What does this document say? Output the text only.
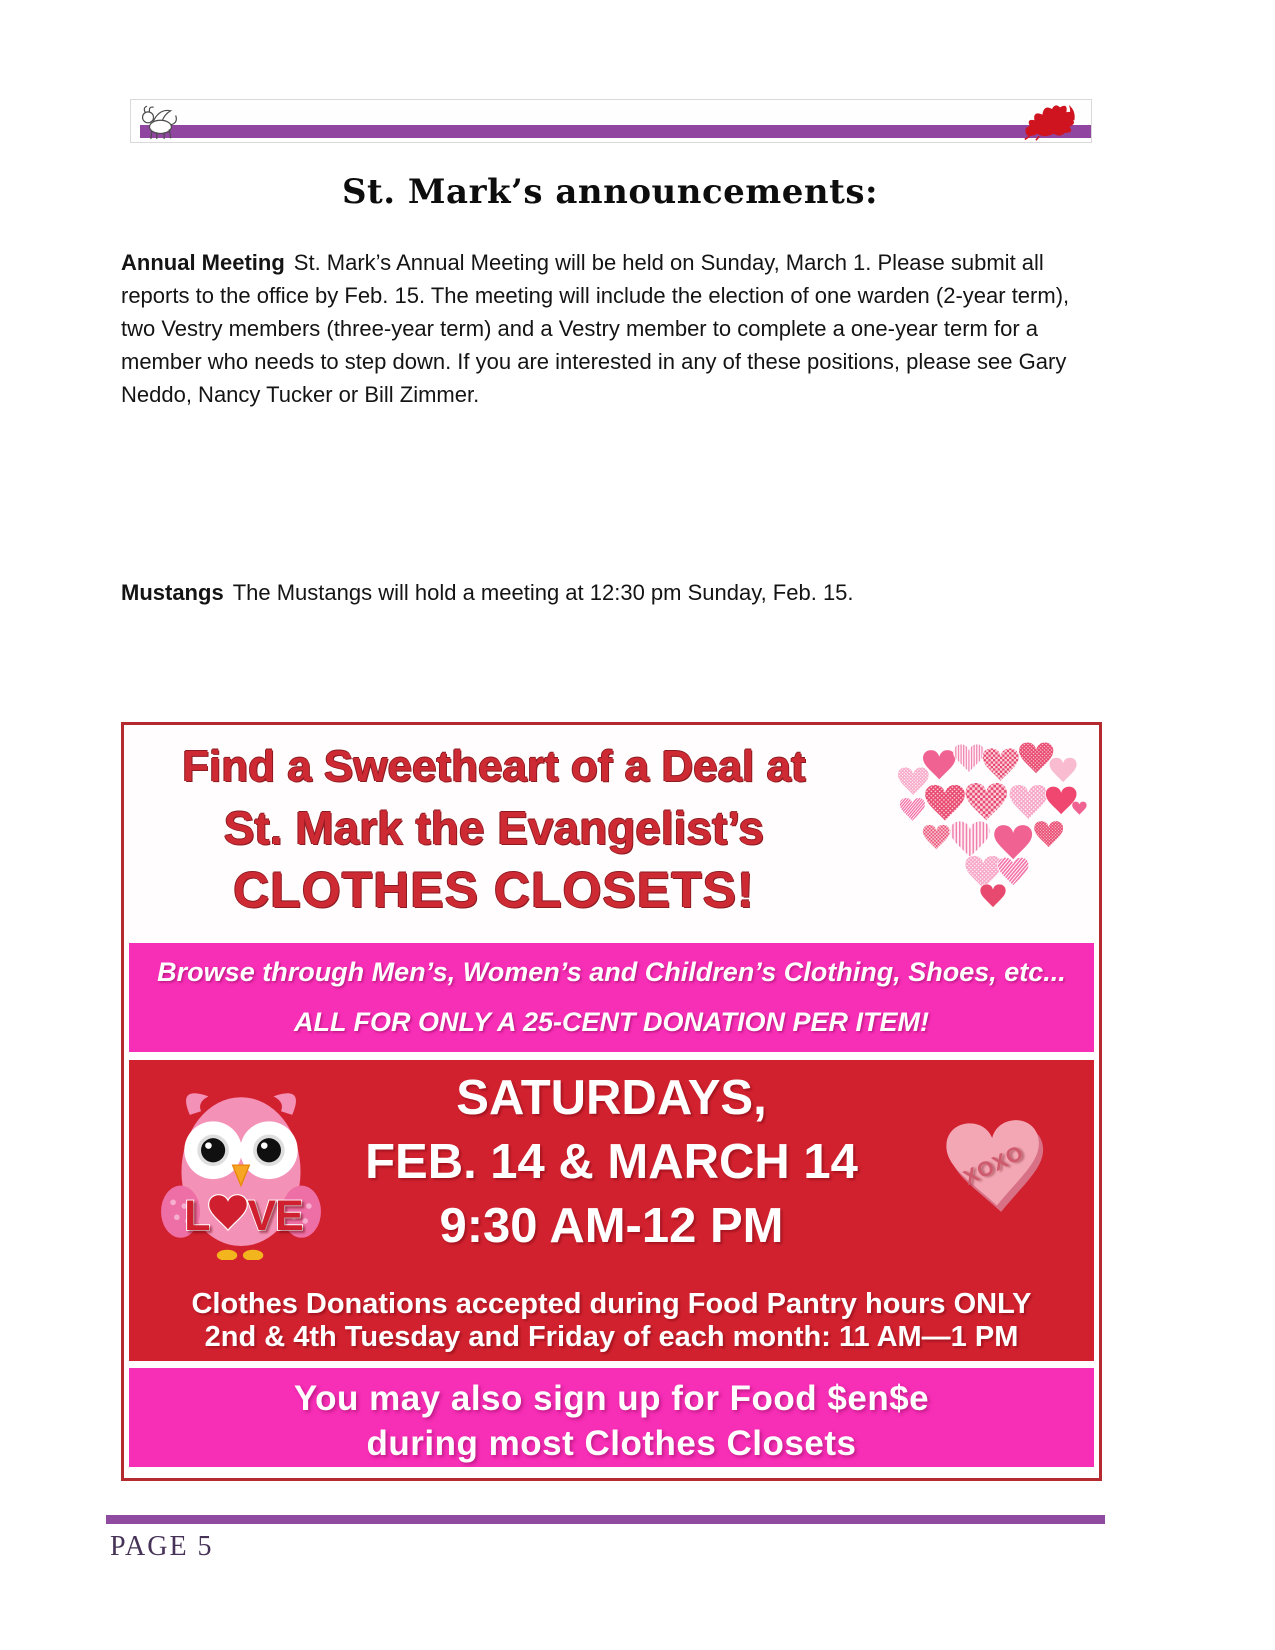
St. Mark’s announcements:
Annual Meeting St. Mark’s Annual Meeting will be held on Sunday, March 1. Please submit all reports to the office by Feb. 15. The meeting will include the election of one warden (2-year term), two Vestry members (three-year term) and a Vestry member to complete a one-year term for a member who needs to step down. If you are interested in any of these positions, please see Gary Neddo, Nancy Tucker or Bill Zimmer.
Mustangs The Mustangs will hold a meeting at 12:30 pm Sunday, Feb. 15.
Find a Sweetheart of a Deal at
St. Mark the Evangelist’s
CLOTHES CLOSETS!
Browse through Men’s, Women’s and Children’s Clothing, Shoes, etc...
ALL FOR ONLY A 25-CENT DONATION PER ITEM!
L VE
XOXO
SATURDAYS,
FEB. 14 & MARCH 14
9:30 AM-12 PM
Clothes Donations accepted during Food Pantry hours ONLY
2nd & 4th Tuesday and Friday of each month: 11 AM—1 PM
You may also sign up for Food $en$e
during most Clothes Closets
PAGE 5
